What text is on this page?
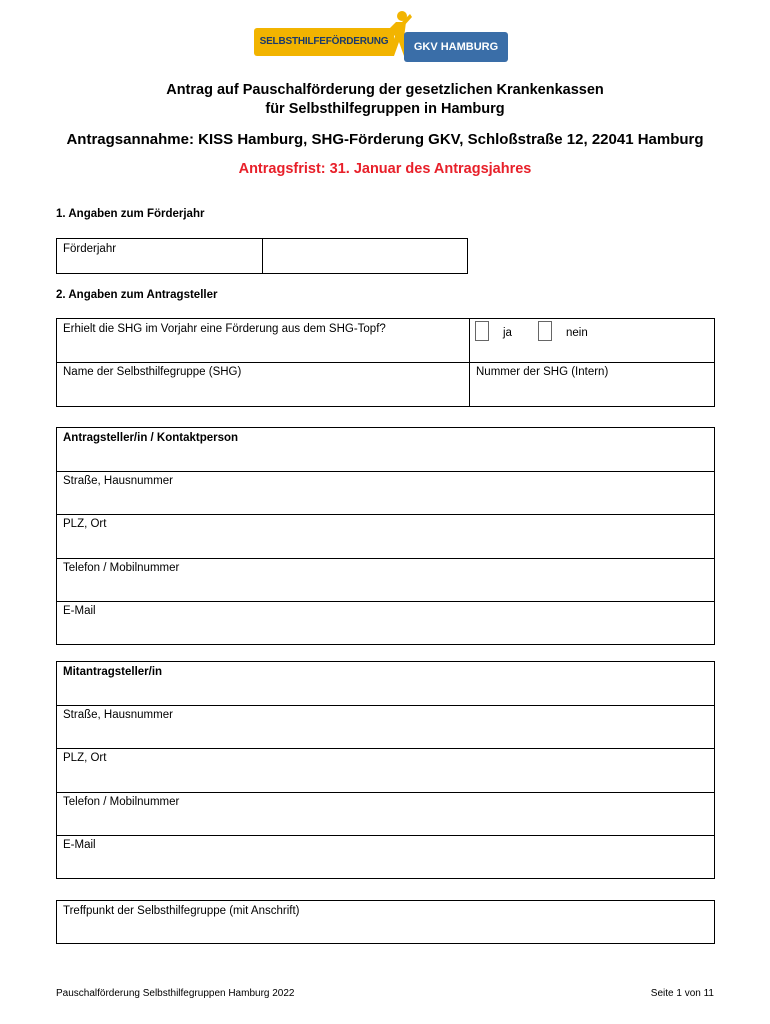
SELBSTHILFEFÖRDERUNG	GKV HAMBURG
Antrag auf Pauschalförderung der gesetzlichen Krankenkassen
für Selbsthilfegruppen in Hamburg
Antragsannahme: KISS Hamburg, SHG-Förderung GKV, Schloßstraße 12, 22041 Hamburg
Antragsfrist: 31. Januar des Antragsjahres
1. Angaben zum Förderjahr
Förderjahr
2. Angaben zum Antragsteller
Erhielt die SHG im Vorjahr eine Förderung aus dem SHG-Topf?	ja	nein
Name der Selbsthilfegruppe (SHG)	Nummer der SHG (Intern)
Antragsteller/in / Kontaktperson
Straße, Hausnummer
PLZ, Ort
Telefon / Mobilnummer
E-Mail
Mitantragsteller/in
Straße, Hausnummer
PLZ, Ort
Telefon / Mobilnummer
E-Mail
Treffpunkt der Selbsthilfegruppe (mit Anschrift)
Pauschalförderung Selbsthilfegruppen Hamburg 2022	Seite 1 von 11
